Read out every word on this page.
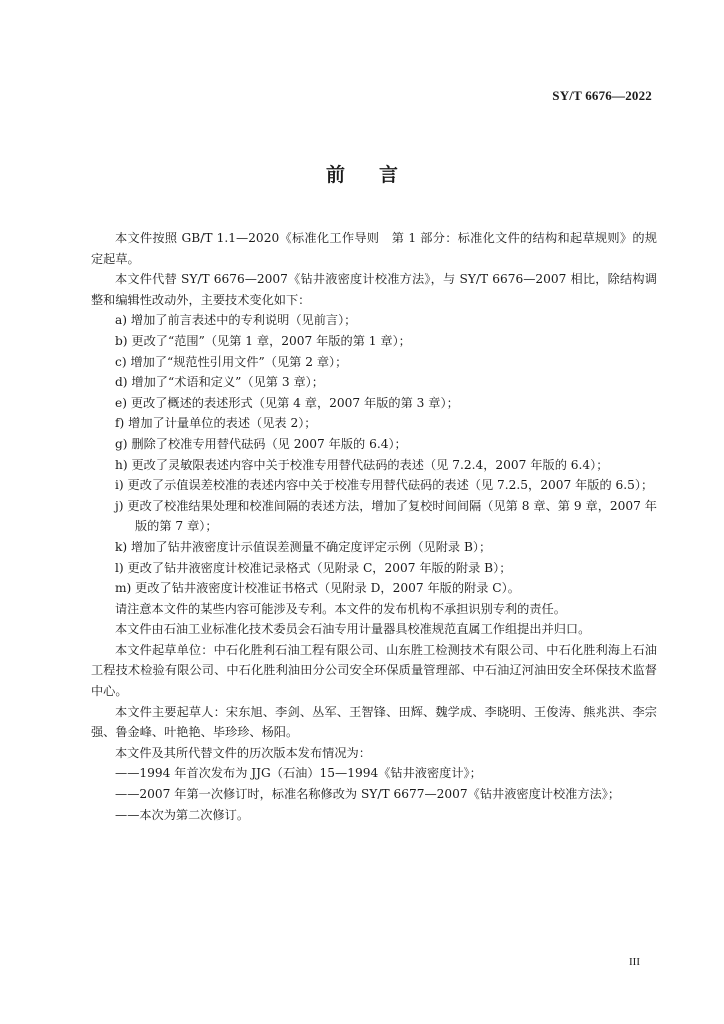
SY/T 6676—2022
前言

本文件按照 GB/T 1.1—2020《标准化工作导则　第 1 部分：标准化文件的结构和起草规则》的规定起草。

本文件代替 SY/T 6676—2007《钻井液密度计校准方法》，与 SY/T 6676—2007 相比，除结构调整和编辑性改动外，主要技术变化如下：

a) 增加了前言表述中的专利说明（见前言）；

b) 更改了“范围”（见第 1 章，2007 年版的第 1 章）；

c) 增加了“规范性引用文件”（见第 2 章）；

d) 增加了“术语和定义”（见第 3 章）；

e) 更改了概述的表述形式（见第 4 章，2007 年版的第 3 章）；

f) 增加了计量单位的表述（见表 2）；

g) 删除了校准专用替代砝码（见 2007 年版的 6.4）；

h) 更改了灵敏限表述内容中关于校准专用替代砝码的表述（见 7.2.4，2007 年版的 6.4）；

i) 更改了示值误差校准的表述内容中关于校准专用替代砝码的表述（见 7.2.5，2007 年版的 6.5）；

j) 更改了校准结果处理和校准间隔的表述方法，增加了复校时间间隔（见第 8 章、第 9 章，2007 年版的第 7 章）；

k) 增加了钻井液密度计示值误差测量不确定度评定示例（见附录 B）；

l) 更改了钻井液密度计校准记录格式（见附录 C，2007 年版的附录 B）；

m) 更改了钻井液密度计校准证书格式（见附录 D，2007 年版的附录 C）。

请注意本文件的某些内容可能涉及专利。本文件的发布机构不承担识别专利的责任。

本文件由石油工业标准化技术委员会石油专用计量器具校准规范直属工作组提出并归口。

本文件起草单位：中石化胜利石油工程有限公司、山东胜工检测技术有限公司、中石化胜利海上石油工程技术检验有限公司、中石化胜利油田分公司安全环保质量管理部、中石油辽河油田安全环保技术监督中心。

本文件主要起草人：宋东旭、李剑、丛军、王智锋、田辉、魏学成、李晓明、王俊涛、熊兆洪、李宗强、鲁金峰、叶艳艳、毕珍珍、杨阳。

本文件及其所代替文件的历次版本发布情况为：

——1994 年首次发布为 JJG（石油）15—1994《钻井液密度计》；

——2007 年第一次修订时，标准名称修改为 SY/T 6677—2007《钻井液密度计校准方法》；

——本次为第二次修订。

III
